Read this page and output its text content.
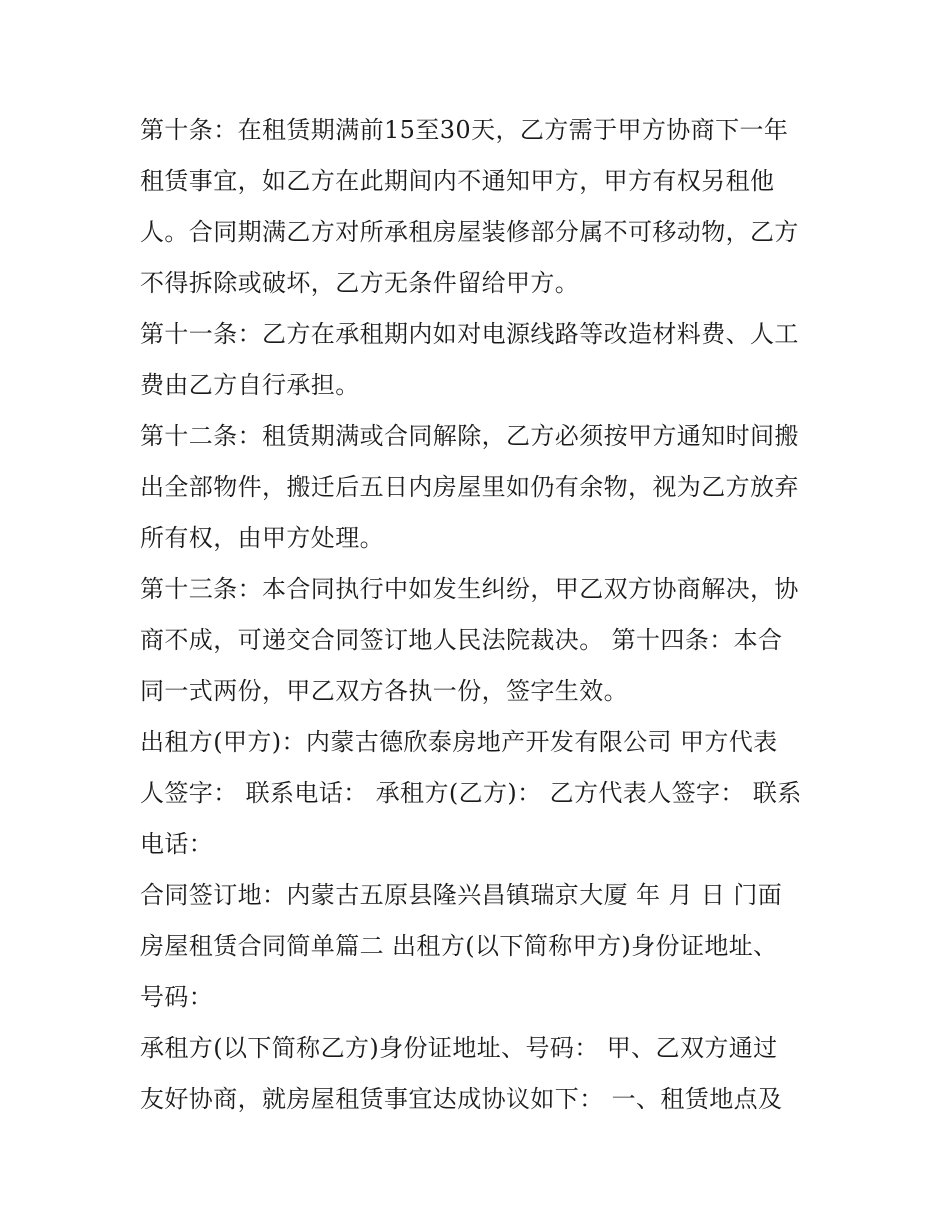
第十条：在租赁期满前15至30天，乙方需于甲方协商下一年
租赁事宜，如乙方在此期间内不通知甲方，甲方有权另租他
人。合同期满乙方对所承租房屋装修部分属不可移动物，乙方
不得拆除或破坏，乙方无条件留给甲方。
第十一条：乙方在承租期内如对电源线路等改造材料费、人工
费由乙方自行承担。
第十二条：租赁期满或合同解除，乙方必须按甲方通知时间搬
出全部物件，搬迁后五日内房屋里如仍有余物，视为乙方放弃
所有权，由甲方处理。
第十三条：本合同执行中如发生纠纷，甲乙双方协商解决，协
商不成，可递交合同签订地人民法院裁决。 第十四条：本合
同一式两份，甲乙双方各执一份，签字生效。
出租方(甲方)：内蒙古德欣泰房地产开发有限公司 甲方代表
人签字： 联系电话： 承租方(乙方)： 乙方代表人签字： 联系
电话：
合同签订地：内蒙古五原县隆兴昌镇瑞京大厦 年 月 日 门面
房屋租赁合同简单篇二 出租方(以下简称甲方)身份证地址、
号码：
承租方(以下简称乙方)身份证地址、号码： 甲、乙双方通过
友好协商，就房屋租赁事宜达成协议如下： 一、租赁地点及
